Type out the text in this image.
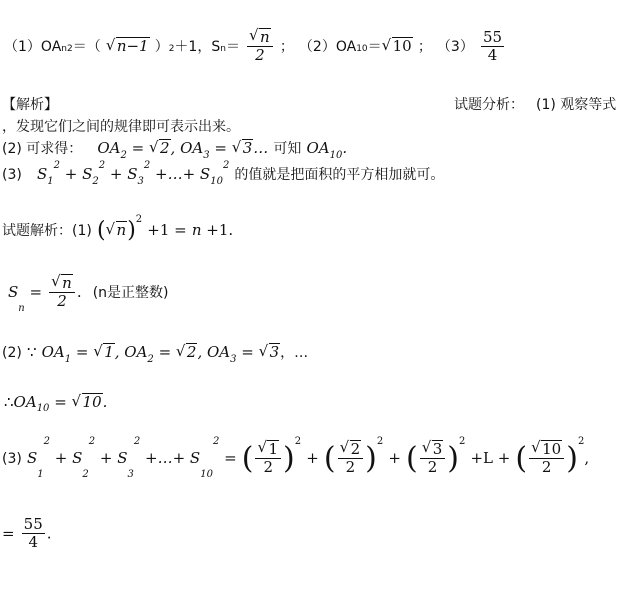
（1）OAn2＝（ √ n−1 ）2＋1，Sn＝ √ $\frac{n}{2}$ ； （2）OA10＝ √ 10 ； $(3) \frac{55}{4}$
【解析】	试题分析： (1) 观察等式
，发现它们之间的规律即可表示出来。
(2) 可求得： $OA_2$ = √ 2, $OA_3$ = √ 3… 可知 $OA_{10}$.
(3) $S_1^2 + S_2^2 + S_3^2$ +…+ $S_{10}^2$ 的值就是把面积的平方相加就可。
试题解析：(1) ( √ n)$^2$ +1 = n +1.
$S_n$ = √ $\frac{n}{2}$ . (n是正整数)
(2) ∵ $OA_1$ = √ 1, $OA_2$ = √ 2, $OA_3$ = √ 3，…
$\therefore OA_{10}$ = √ 10.
(3) $S_1^2 + S_2^2 + S_3^2$ +…+ $S_{10}^2$ = ( √ $\frac{1}{2} )^2$ + ( √ $\frac{2}{2} )^2$ + ( √ $\frac{3}{2} )^2 +L$ + ( √ $\frac{10}{2} )^2$,
= $\frac{55}{4}$ .
